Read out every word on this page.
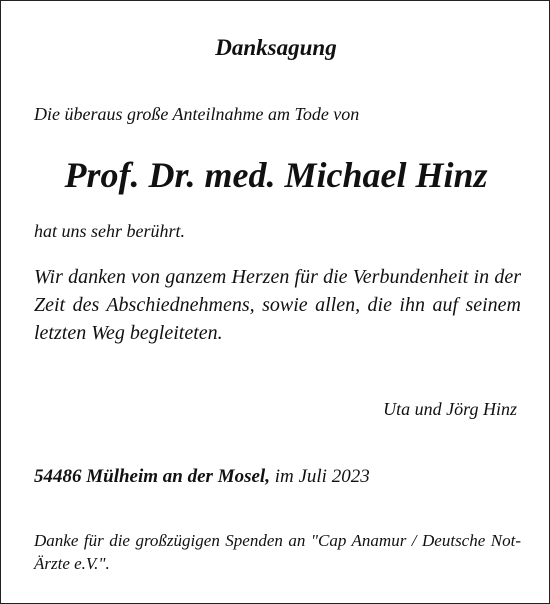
Danksagung
Die überaus große Anteilnahme am Tode von
Prof. Dr. med. Michael Hinz
hat uns sehr berührt.
Wir danken von ganzem Herzen für die Verbundenheit in der Zeit des Abschiednehmens, sowie allen, die ihn auf seinem letzten Weg begleiteten.
Uta und Jörg Hinz
54486 Mülheim an der Mosel, im Juli 2023
Danke für die großzügigen Spenden an "Cap Anamur / Deutsche Not-Ärzte e.V.".
